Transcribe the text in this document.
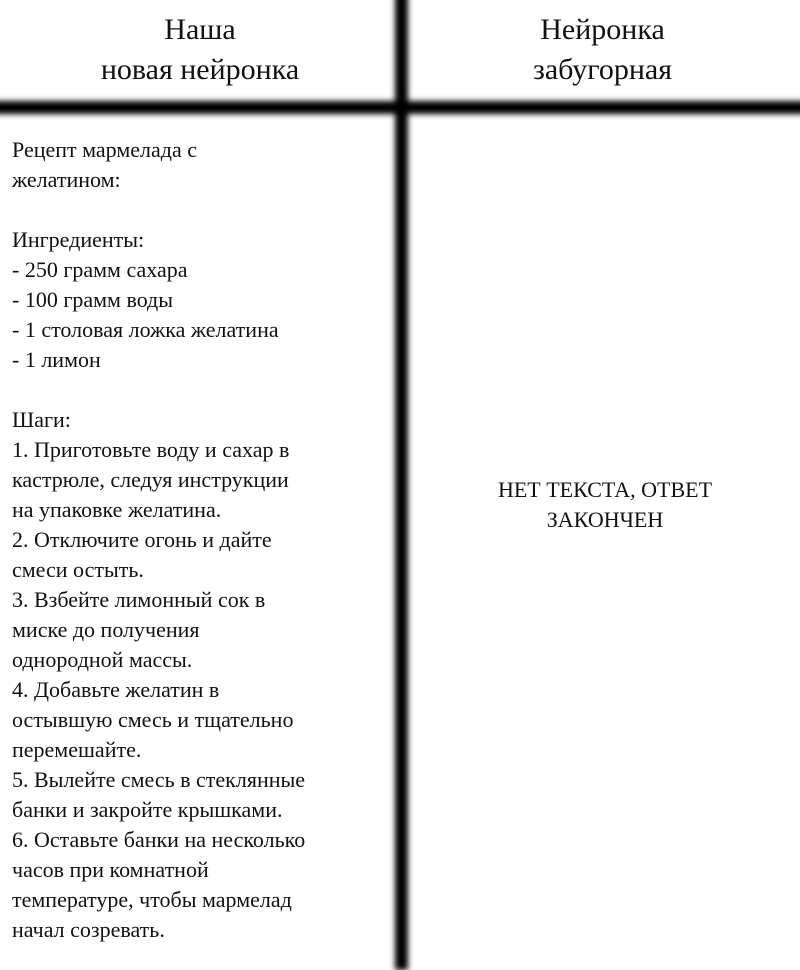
Наша
новая нейронка
Нейронка
забугорная
Рецепт мармелада с
желатином:
Ингредиенты:
- 250 грамм сахара
- 100 грамм воды
- 1 столовая ложка желатина
- 1 лимон
Шаги:
1. Приготовьте воду и сахар в
кастрюле, следуя инструкции
на упаковке желатина.
2. Отключите огонь и дайте
смеси остыть.
3. Взбейте лимонный сок в
миске до получения
однородной массы.
4. Добавьте желатин в
остывшую смесь и тщательно
перемешайте.
5. Вылейте смесь в стеклянные
банки и закройте крышками.
6. Оставьте банки на несколько
часов при комнатной
температуре, чтобы мармелад
начал созревать.
НЕТ ТЕКСТА, ОТВЕТ
ЗАКОНЧЕН
